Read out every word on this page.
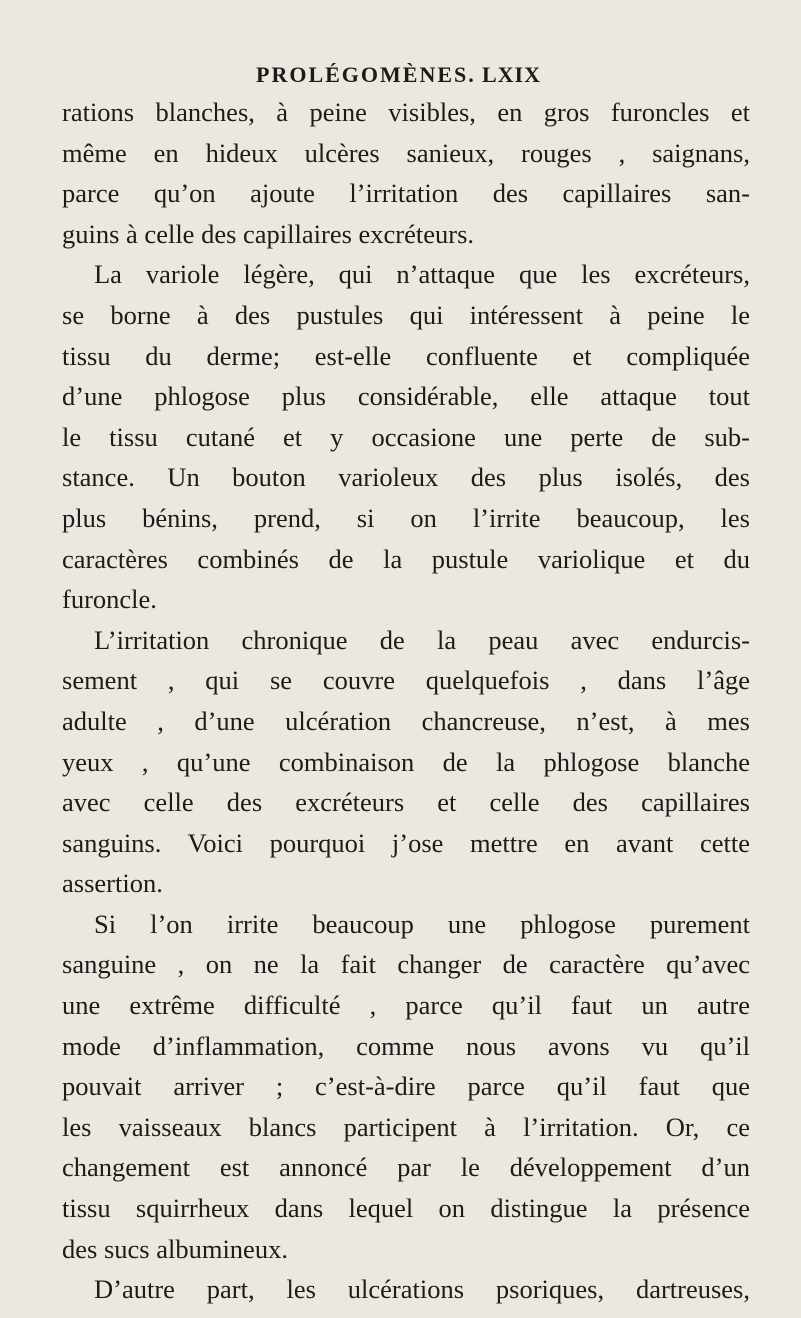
PROLÉGOMÈNES. LXIX
rations blanches, à peine visibles, en gros furoncles et
même en hideux ulcères sanieux, rouges , saignans,
parce qu’on ajoute l’irritation des capillaires san-
guins à celle des capillaires excréteurs.
La variole légère, qui n’attaque que les excréteurs,
se borne à des pustules qui intéressent à peine le
tissu du derme; est-elle confluente et compliquée
d’une phlogose plus considérable, elle attaque tout
le tissu cutané et y occasione une perte de sub-
stance. Un bouton varioleux des plus isolés, des
plus bénins, prend, si on l’irrite beaucoup, les
caractères combinés de la pustule variolique et du
furoncle.
L’irritation chronique de la peau avec endurcis-
sement , qui se couvre quelquefois , dans l’âge
adulte , d’une ulcération chancreuse, n’est, à mes
yeux , qu’une combinaison de la phlogose blanche
avec celle des excréteurs et celle des capillaires
sanguins. Voici pourquoi j’ose mettre en avant cette
assertion.
Si l’on irrite beaucoup une phlogose purement
sanguine , on ne la fait changer de caractère qu’avec
une extrême difficulté , parce qu’il faut un autre
mode d’inflammation, comme nous avons vu qu’il
pouvait arriver ; c’est-à-dire parce qu’il faut que
les vaisseaux blancs participent à l’irritation. Or, ce
changement est annoncé par le développement d’un
tissu squirrheux dans lequel on distingue la présence
des sucs albumineux.
D’autre part, les ulcérations psoriques, dartreuses,
